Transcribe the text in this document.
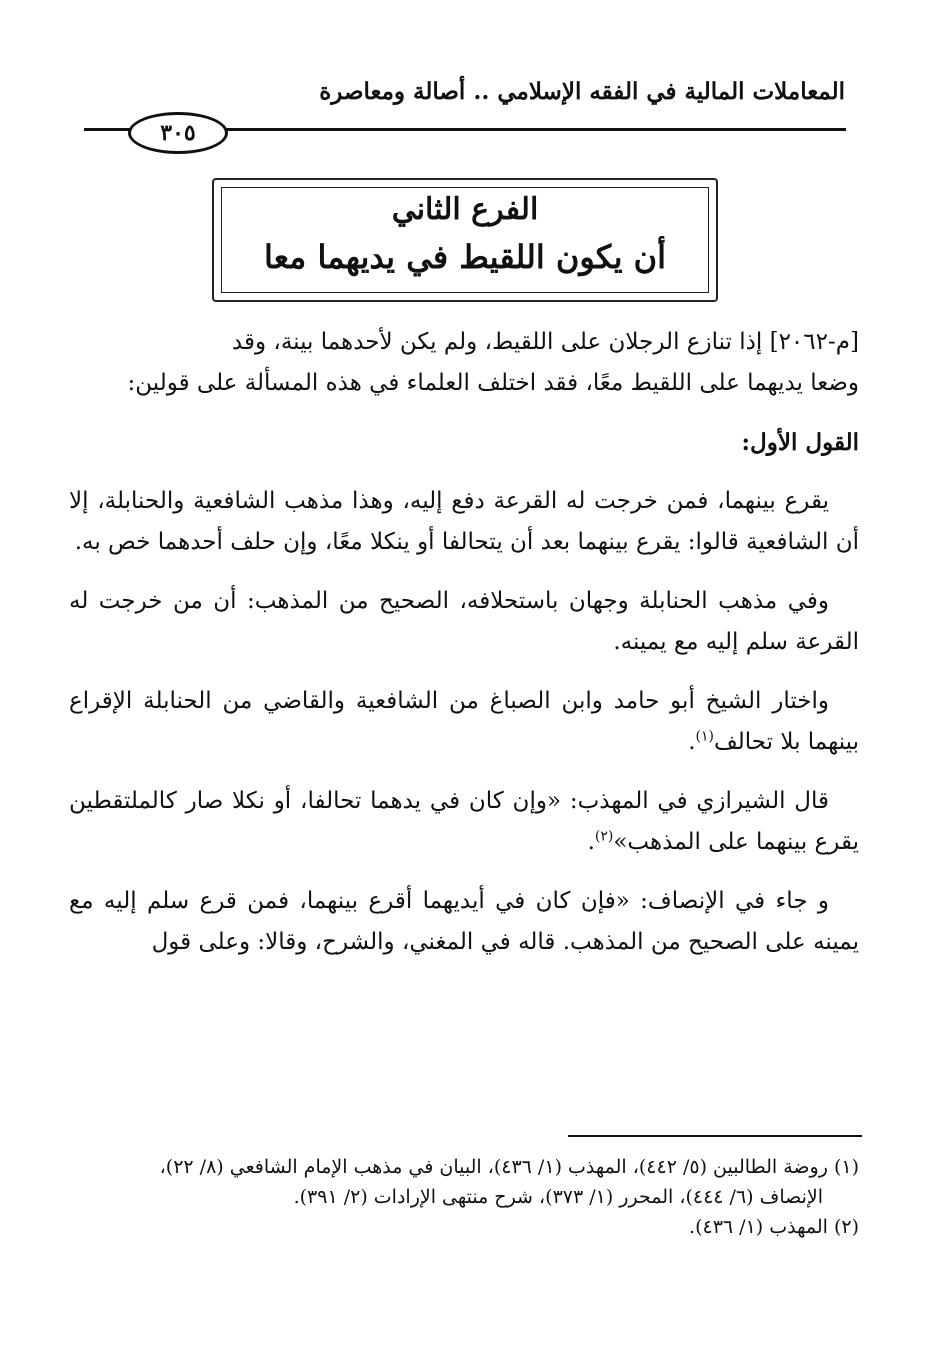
المعاملات المالية في الفقه الإسلامي .. أصالة ومعاصرة
٣٠٥
الفرع الثاني
أن يكون اللقيط في يديهما معا

[م-٢٠٦٢] إذا تنازع الرجلان على اللقيط، ولم يكن لأحدهما بينة، وقد

وضعا يديهما على اللقيط معًا، فقد اختلف العلماء في هذه المسألة على قولين:

القول الأول:

يقرع بينهما، فمن خرجت له القرعة دفع إليه، وهذا مذهب الشافعية والحنابلة، إلا أن الشافعية قالوا: يقرع بينهما بعد أن يتحالفا أو ينكلا معًا، وإن حلف أحدهما خص به.

وفي مذهب الحنابلة وجهان باستحلافه، الصحيح من المذهب: أن من خرجت له القرعة سلم إليه مع يمينه.

واختار الشيخ أبو حامد وابن الصباغ من الشافعية والقاضي من الحنابلة الإقراع بينهما بلا تحالف$^{(١)}$.

قال الشيرازي في المهذب: «وإن كان في يدهما تحالفا، أو نكلا صار كالملتقطين يقرع بينهما على المذهب»$^{(٢)}$.

و جاء في الإنصاف: «فإن كان في أيديهما أقرع بينهما، فمن قرع سلم إليه مع يمينه على الصحيح من المذهب. قاله في المغني، والشرح، وقالا: وعلى قول

(١) روضة الطالبين (٥/ ٤٤٢)، المهذب (١/ ٤٣٦)، البيان في مذهب الإمام الشافعي (٨/ ٢٢)،

الإنصاف (٦/ ٤٤٤)، المحرر (١/ ٣٧٣)، شرح منتهى الإرادات (٢/ ٣٩١).

(٢) المهذب (١/ ٤٣٦).
